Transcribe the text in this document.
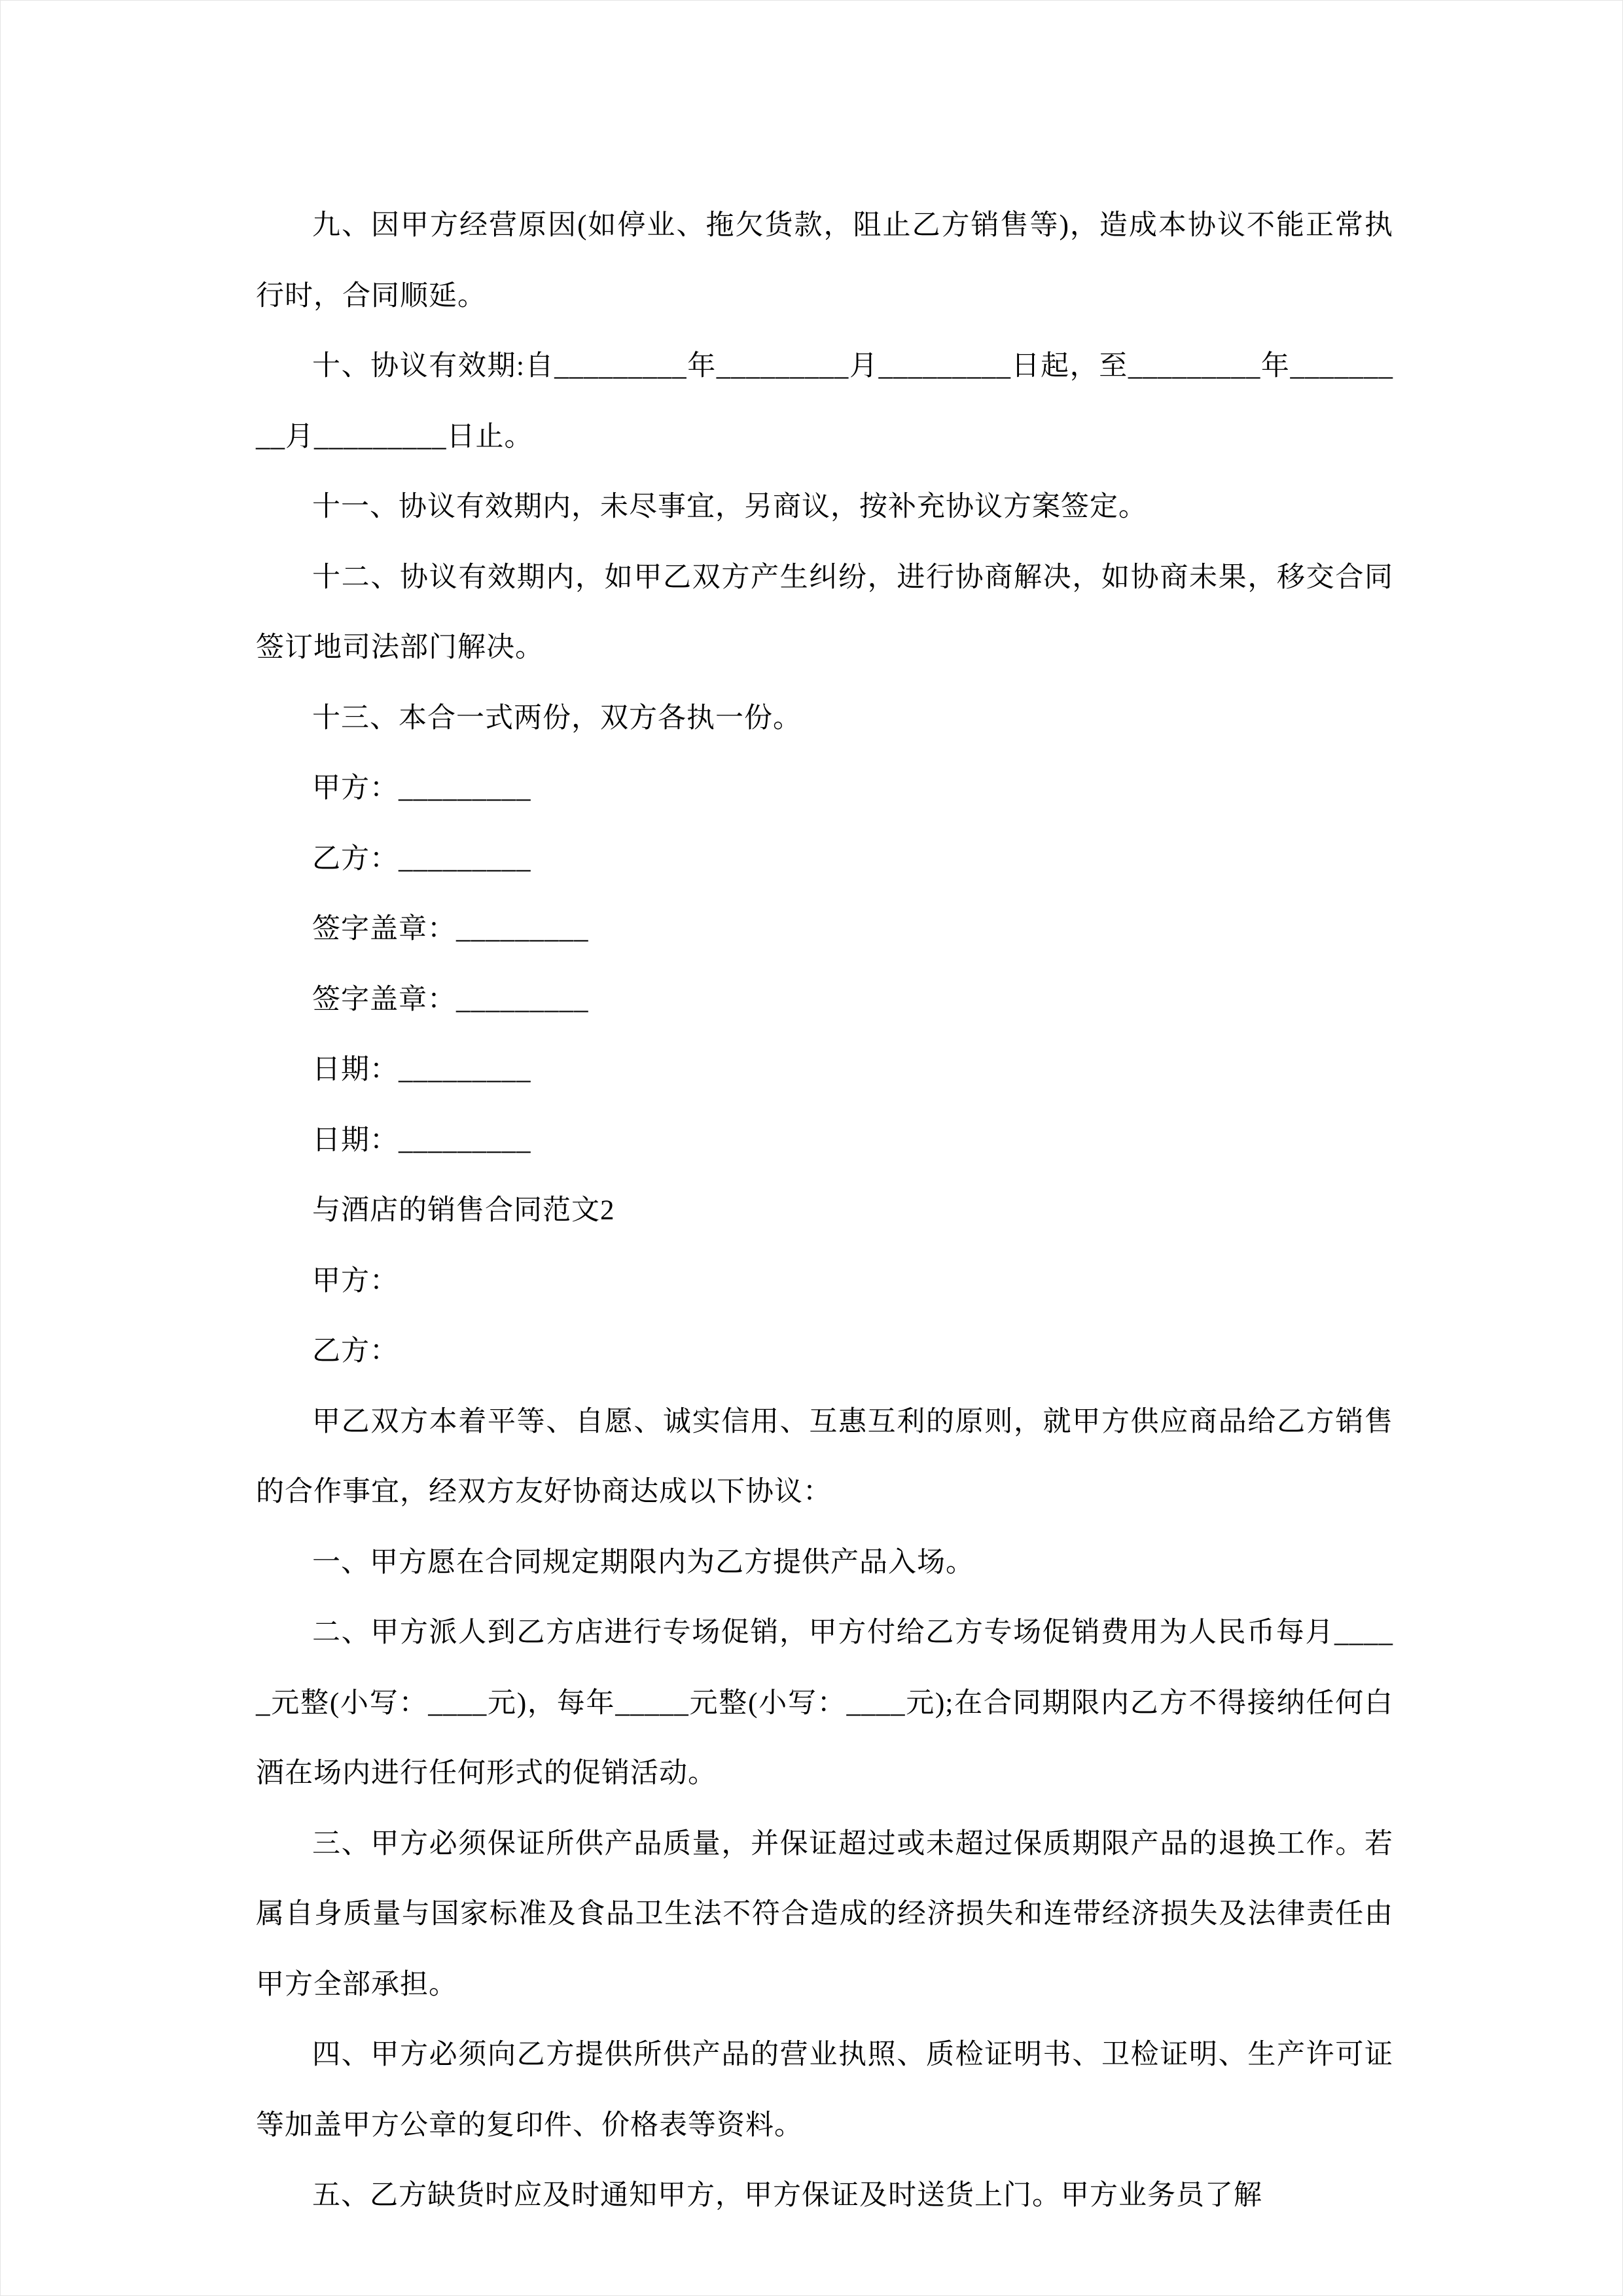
九、因甲方经营原因(如停业、拖欠货款，阻止乙方销售等)，造成本协议不能正常执行时，合同顺延。

十、协议有效期:自_________年_________月_________日起，至_________年_________月_________日止。

十一、协议有效期内，未尽事宜，另商议，按补充协议方案签定。

十二、协议有效期内，如甲乙双方产生纠纷，进行协商解决，如协商未果，移交合同签订地司法部门解决。

十三、本合一式两份，双方各执一份。

甲方：_________

乙方：_________

签字盖章：_________

签字盖章：_________

日期：_________

日期：_________

与酒店的销售合同范文2

甲方：

乙方：

甲乙双方本着平等、自愿、诚实信用、互惠互利的原则，就甲方供应商品给乙方销售的合作事宜，经双方友好协商达成以下协议：

一、甲方愿在合同规定期限内为乙方提供产品入场。

二、甲方派人到乙方店进行专场促销，甲方付给乙方专场促销费用为人民币每月_____元整(小写：____元)，每年_____元整(小写：____元);在合同期限内乙方不得接纳任何白酒在场内进行任何形式的促销活动。

三、甲方必须保证所供产品质量，并保证超过或未超过保质期限产品的退换工作。若属自身质量与国家标准及食品卫生法不符合造成的经济损失和连带经济损失及法律责任由甲方全部承担。

四、甲方必须向乙方提供所供产品的营业执照、质检证明书、卫检证明、生产许可证等加盖甲方公章的复印件、价格表等资料。

五、乙方缺货时应及时通知甲方，甲方保证及时送货上门。甲方业务员了解
